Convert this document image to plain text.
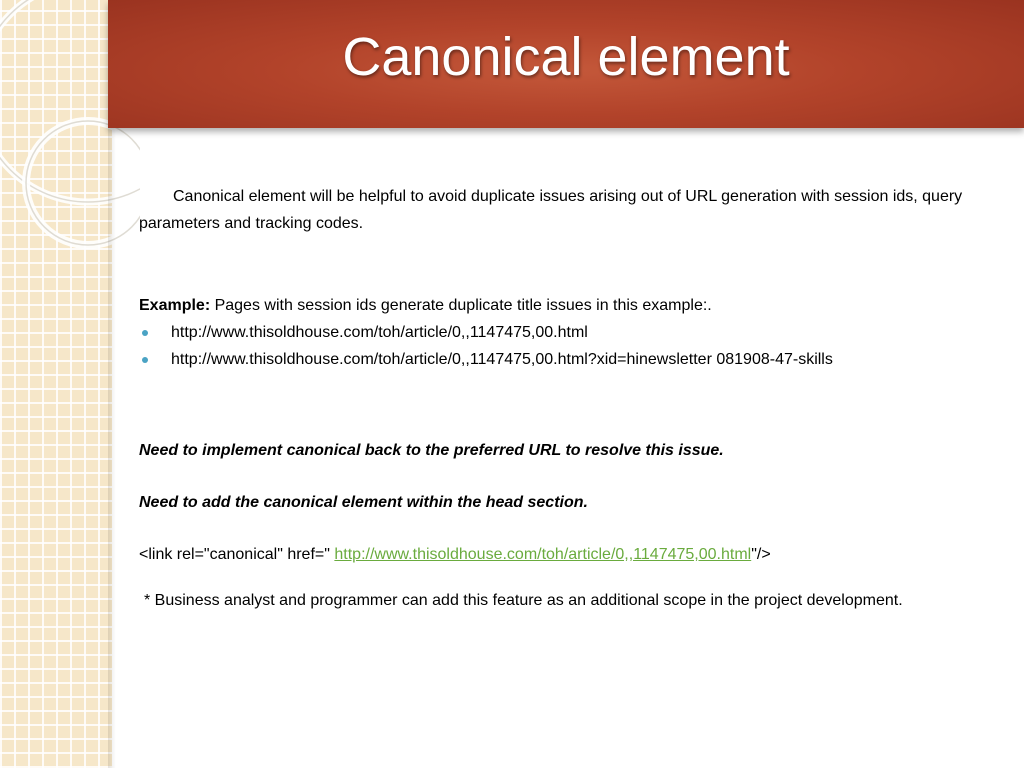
Canonical element

Canonical element will be helpful to avoid duplicate issues arising out of URL generation with session ids, query parameters and tracking codes.

Example: Pages with session ids generate duplicate title issues in this example:.

http://www.thisoldhouse.com/toh/article/0,,1147475,00.html
http://www.thisoldhouse.com/toh/article/0,,1147475,00.html?xid=hinewsletter 081908-47-skills

Need to implement canonical back to the preferred URL to resolve this issue.

Need to add the canonical element within the head section.

<link rel="canonical" href=" http://www.thisoldhouse.com/toh/article/0,,1147475,00.html"/>

* Business analyst and programmer can add this feature as an additional scope in the project development.
